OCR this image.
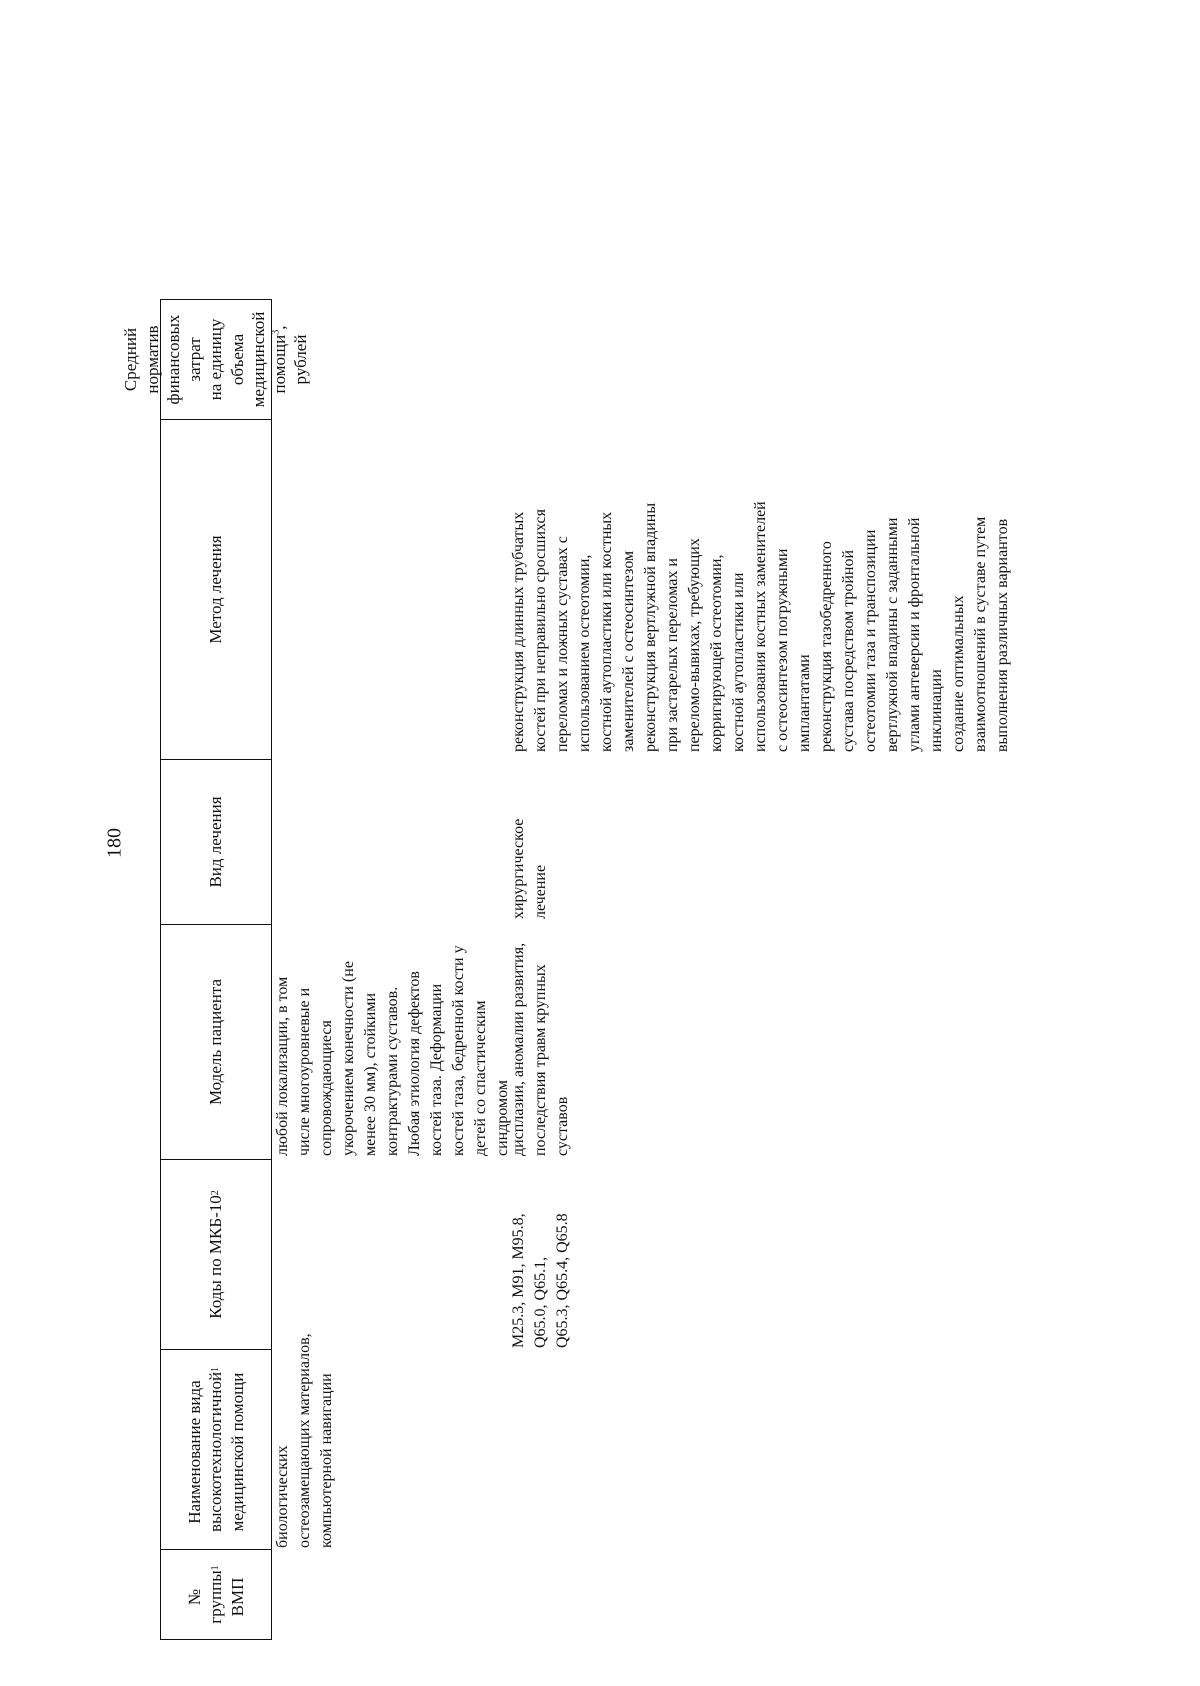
180
№
группы
ВМП
1
Наименование вида
высокотехнологичной
медицинской помощи
1
Коды по МКБ-10
2
Модель пациента
Вид лечения
Метод лечения
Средний норматив
финансовых затрат
на единицу объема
медицинской
помощи$^3$, рублей
биологических
остеозамещающих материалов,
компьютерной навигации
любой локализации, в том
числе многоуровневые и
сопровождающиеся
укорочением конечности (не
менее 30 мм), стойкими
контрактурами суставов.
Любая этиология дефектов
костей таза. Деформации
костей таза, бедренной кости у
детей со спастическим
синдромом
M25.3, M91, M95.8,
Q65.0, Q65.1,
Q65.3, Q65.4, Q65.8
дисплазии, аномалии развития,
последствия травм крупных
суставов
хирургическое
лечение
реконструкция длинных трубчатых
костей при неправильно сросшихся
переломах и ложных суставах с
использованием остеотомии,
костной аутопластики или костных
заменителей с остеосинтезом
реконструкция вертлужной впадины
при застарелых переломах и
переломо-вывихах, требующих
корригирующей остеотомии,
костной аутопластики или
использования костных заменителей
с остеосинтезом погружными
имплантатами
реконструкция тазобедренного
сустава посредством тройной
остеотомии таза и транспозиции
вертлужной впадины с заданными
углами антеверсии и фронтальной
инклинации
создание оптимальных
взаимоотношений в суставе путем
выполнения различных вариантов
